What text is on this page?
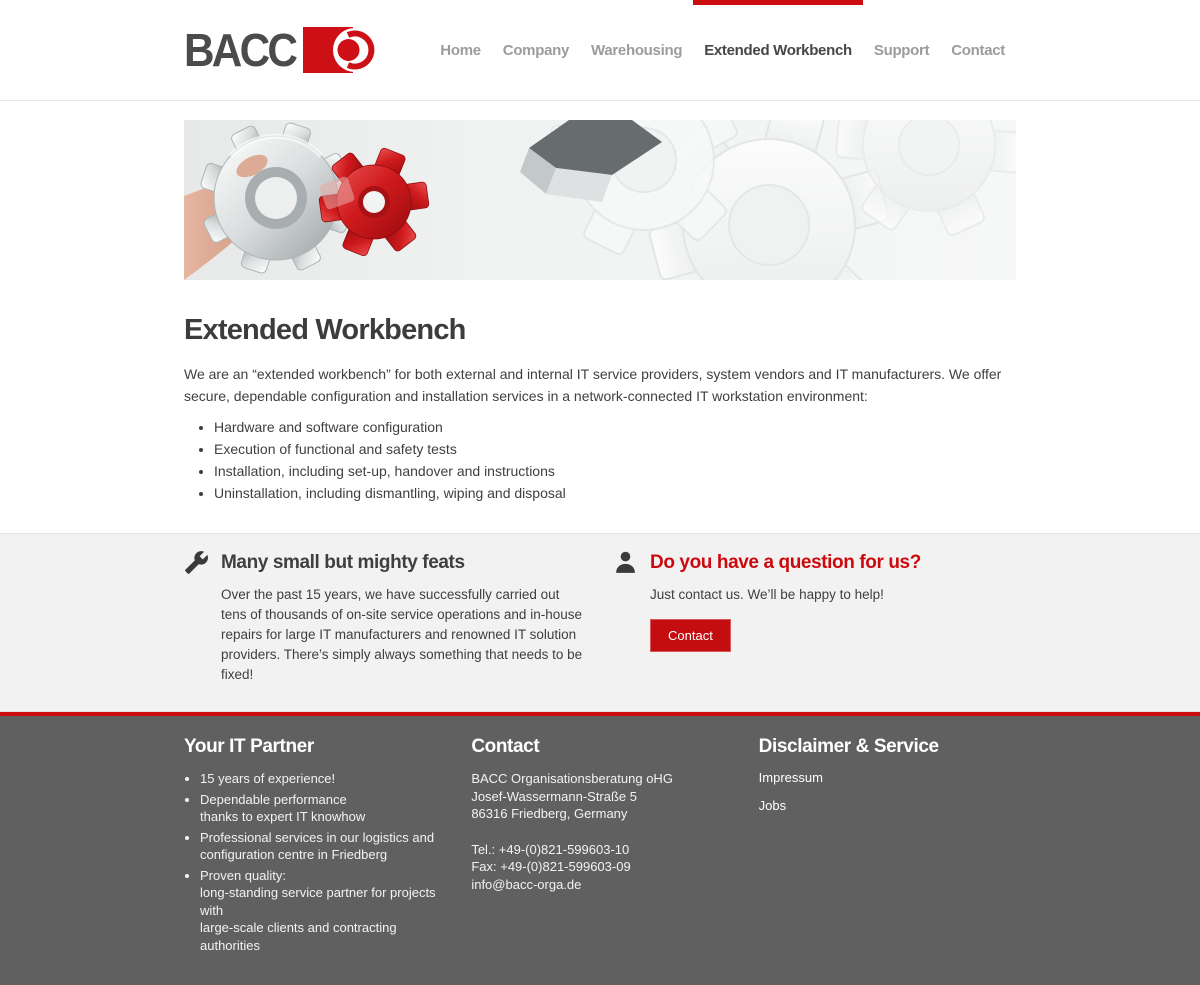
BACC	Home	Company	Warehousing	Extended Workbench	Support	Contact
Extended Workbench

We are an “extended workbench” for both external and internal IT service providers, system vendors and IT manufacturers. We offer secure, dependable configuration and installation services in a network-connected IT workstation environment:

• Hardware and software configuration
• Execution of functional and safety tests
• Installation, including set-up, handover and instructions
• Uninstallation, including dismantling, wiping and disposal
Many small but mighty feats

Over the past 15 years, we have successfully carried out tens of thousands of on-site service operations and in-house repairs for large IT manufacturers and renowned IT solution providers. There’s simply always something that needs to be fixed!

Do you have a question for us?

Just contact us. We’ll be happy to help!

Contact
Your IT Partner
• 15 years of experience!
• Dependable performance
thanks to expert IT knowhow
• Professional services in our logistics and
configuration centre in Friedberg
• Proven quality:
long-standing service partner for projects with
large-scale clients and contracting authorities
Contact

BACC Organisationsberatung oHG

Josef-Wassermann-Straße 5

86316 Friedberg, Germany

Tel.: +49-(0)821-599603-10

Fax: +49-(0)821-599603-09

info@bacc-orga.de

Disclaimer & Service
Impressum
Jobs
